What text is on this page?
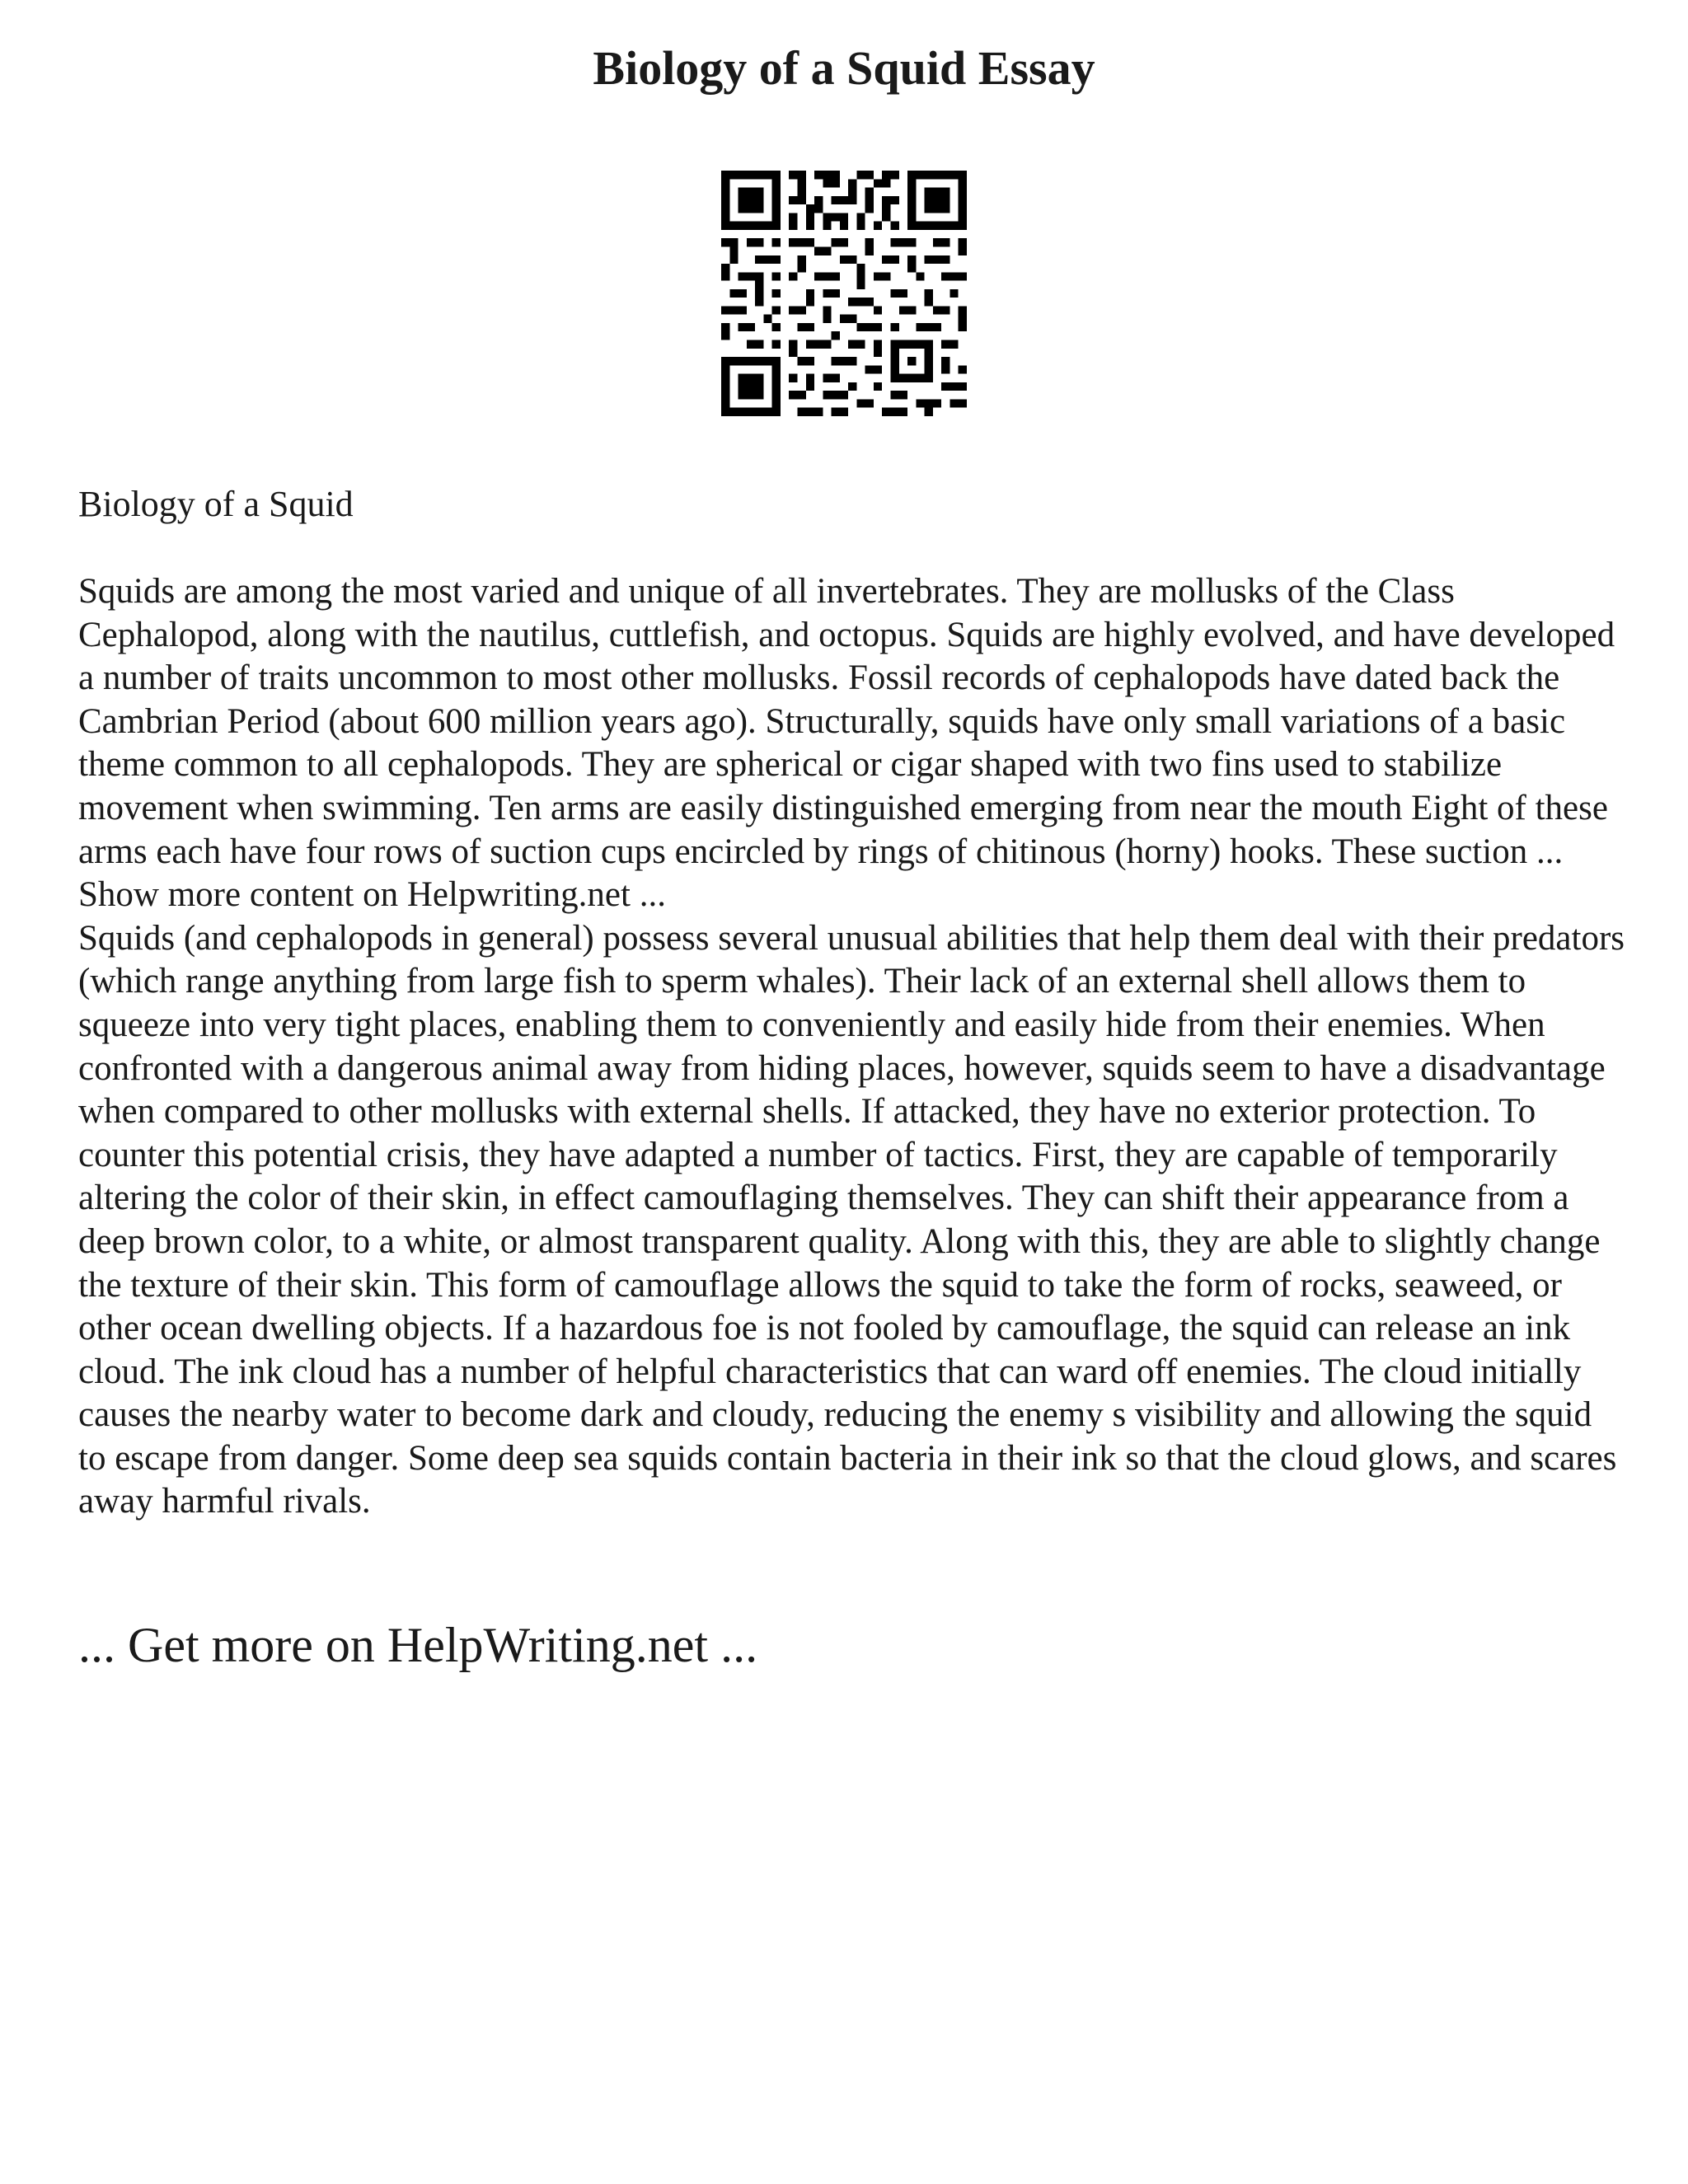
Biology of a Squid Essay

Biology of a Squid

Squids are among the most varied and unique of all invertebrates. They are mollusks of the Class Cephalopod, along with the nautilus, cuttlefish, and octopus. Squids are highly evolved, and have developed a number of traits uncommon to most other mollusks. Fossil records of cephalopods have dated back the Cambrian Period (about 600 million years ago). Structurally, squids have only small variations of a basic theme common to all cephalopods. They are spherical or cigar shaped with two fins used to stabilize movement when swimming. Ten arms are easily distinguished emerging from near the mouth Eight of these arms each have four rows of suction cups encircled by rings of chitinous (horny) hooks. These suction ... Show more content on Helpwriting.net ...

Squids (and cephalopods in general) possess several unusual abilities that help them deal with their predators (which range anything from large fish to sperm whales). Their lack of an external shell allows them to squeeze into very tight places, enabling them to conveniently and easily hide from their enemies. When confronted with a dangerous animal away from hiding places, however, squids seem to have a disadvantage when compared to other mollusks with external shells. If attacked, they have no exterior protection. To counter this potential crisis, they have adapted a number of tactics. First, they are capable of temporarily altering the color of their skin, in effect camouflaging themselves. They can shift their appearance from a deep brown color, to a white, or almost transparent quality. Along with this, they are able to slightly change the texture of their skin. This form of camouflage allows the squid to take the form of rocks, seaweed, or other ocean dwelling objects. If a hazardous foe is not fooled by camouflage, the squid can release an ink cloud. The ink cloud has a number of helpful characteristics that can ward off enemies. The cloud initially causes the nearby water to become dark and cloudy, reducing the enemy s visibility and allowing the squid to escape from danger. Some deep sea squids contain bacteria in their ink so that the cloud glows, and scares away harmful rivals.

... Get more on HelpWriting.net ...
